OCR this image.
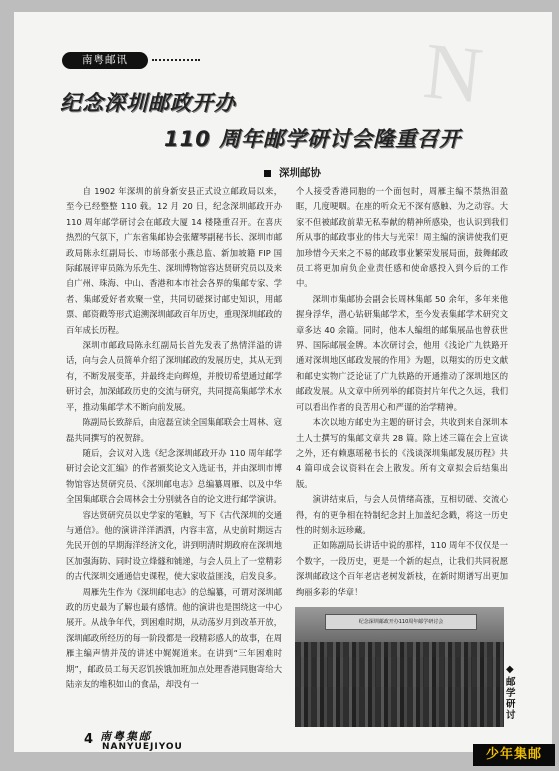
N
南粤邮讯
纪念深圳邮政开办
110 周年邮学研讨会隆重召开
深圳邮协

自 1902 年深圳的前身新安县正式设立邮政局以来，至今已经整整 110 载。12 月 20 日，纪念深圳邮政开办 110 周年邮学研讨会在邮政大厦 14 楼隆重召开。在喜庆热烈的气氛下，广东省集邮协会张耀琴副秘书长、深圳市邮政局陈永红副局长、市场部张小燕总监、新加坡籍 FIP 国际邮展评审员陈为乐先生、深圳博物馆容达贤研究员以及来自广州、珠海、中山、香港和本市社会各界的集邮专家、学者、集邮爱好者欢聚一堂，共同切磋探讨邮史知识，用邮票、邮资戳等形式追溯深圳邮政百年历史，重现深圳邮政的百年成长历程。

深圳市邮政局陈永红副局长首先发表了热情洋溢的讲话，向与会人员简单介绍了深圳邮政的发展历史，其从无到有，不断发展变革，并最终走向辉煌，并殷切希望通过邮学研讨会，加深邮政历史的交流与研究，共同提高集邮学术水平，推动集邮学术不断向前发展。

陈副局长致辞后，由寇磊宣读全国集邮联会士周林、寇磊共同撰写的祝贺辞。

随后，会议对入选《纪念深圳邮政开办 110 周年邮学研讨会论文汇编》的作者颁奖论文入选证书，并由深圳市博物馆容达贤研究员、《深圳邮电志》总编纂周雁、以及中华全国集邮联合会周林会士分别就各自的论文进行邮学演讲。

容达贤研究员以史学家的笔触，写下《古代深圳的交通与通信》。他的演讲洋洋洒洒，内容丰富，从史前时期远古先民开创的早期海洋经济文化，讲到明清时期政府在深圳地区加强海防、同时设立烽燧和铺递，与会人员上了一堂精彩的古代深圳交通通信史课程，使大家收益匪浅，启发良多。

周雁先生作为《深圳邮电志》的总编纂，可谓对深圳邮政的历史最为了解也最有感情。他的演讲也是围绕这一中心展开。从战争年代，到困难时期，从动荡岁月到改革开放，深圳邮政所经历的每一阶段都是一段精彩感人的故事，在周雁主编声情并茂的讲述中娓娓道来。在讲到“三年困难时期”，邮政员工每天忍饥挨饿加班加点处理香港同胞寄给大陆亲友的堆积如山的食品，却没有一

个人接受香港同胞的一个面包时，周雁主编不禁热泪盈眶，几度哽咽。在座的听众无不深有感触、为之动容。大家不但被邮政前辈无私奉献的精神所感染，也认识到我们所从事的邮政事业的伟大与光荣！周主编的演讲使我们更加珍惜今天来之不易的邮政事业繁荣发展局面，鼓舞邮政员工将更加肩负企业责任感和使命感投入到今后的工作中。

深圳市集邮协会副会长周林集邮 50 余年，多年来他握身浮华，潜心钻研集邮学术，至今发表集邮学术研究文章多达 40 余篇。同时，他本人编组的邮集展品也曾获世界、国际邮展金牌。本次研讨会，他用《浅论广九铁路开通对深圳地区邮政发展的作用》为题，以翔实的历史文献和邮史实物广泛论证了广九铁路的开通推动了深圳地区的邮政发展。从文章中所列举的邮资封片年代之久远，我们可以看出作者的良苦用心和严谨的治学精神。

本次以地方邮史为主题的研讨会，共收到来自深圳本土人士撰写的集邮文章共 28 篇。除上述三篇在会上宣读之外，还有赖惠瑶秘书长的《浅谈深圳集邮发展历程》共 4 篇印成会议资料在会上散发。所有文章拟会后结集出版。

演讲结束后，与会人员情绪高涨，互相切磋、交流心得，有的更争相在特制纪念封上加盖纪念戳，将这一历史性的时刻永远珍藏。

正如陈副局长讲话中说的那样，110 周年不仅仅是一个数字，一段历史，更是一个新的起点，让我们共同祝愿深圳邮政这个百年老店老树发新枝，在新时期谱写出更加绚丽多彩的华章！

纪念深圳邮政开办110周年邮学研讨会
◆
邮学研讨
4 南粤集邮
NANYUEJIYOU	少年集邮
